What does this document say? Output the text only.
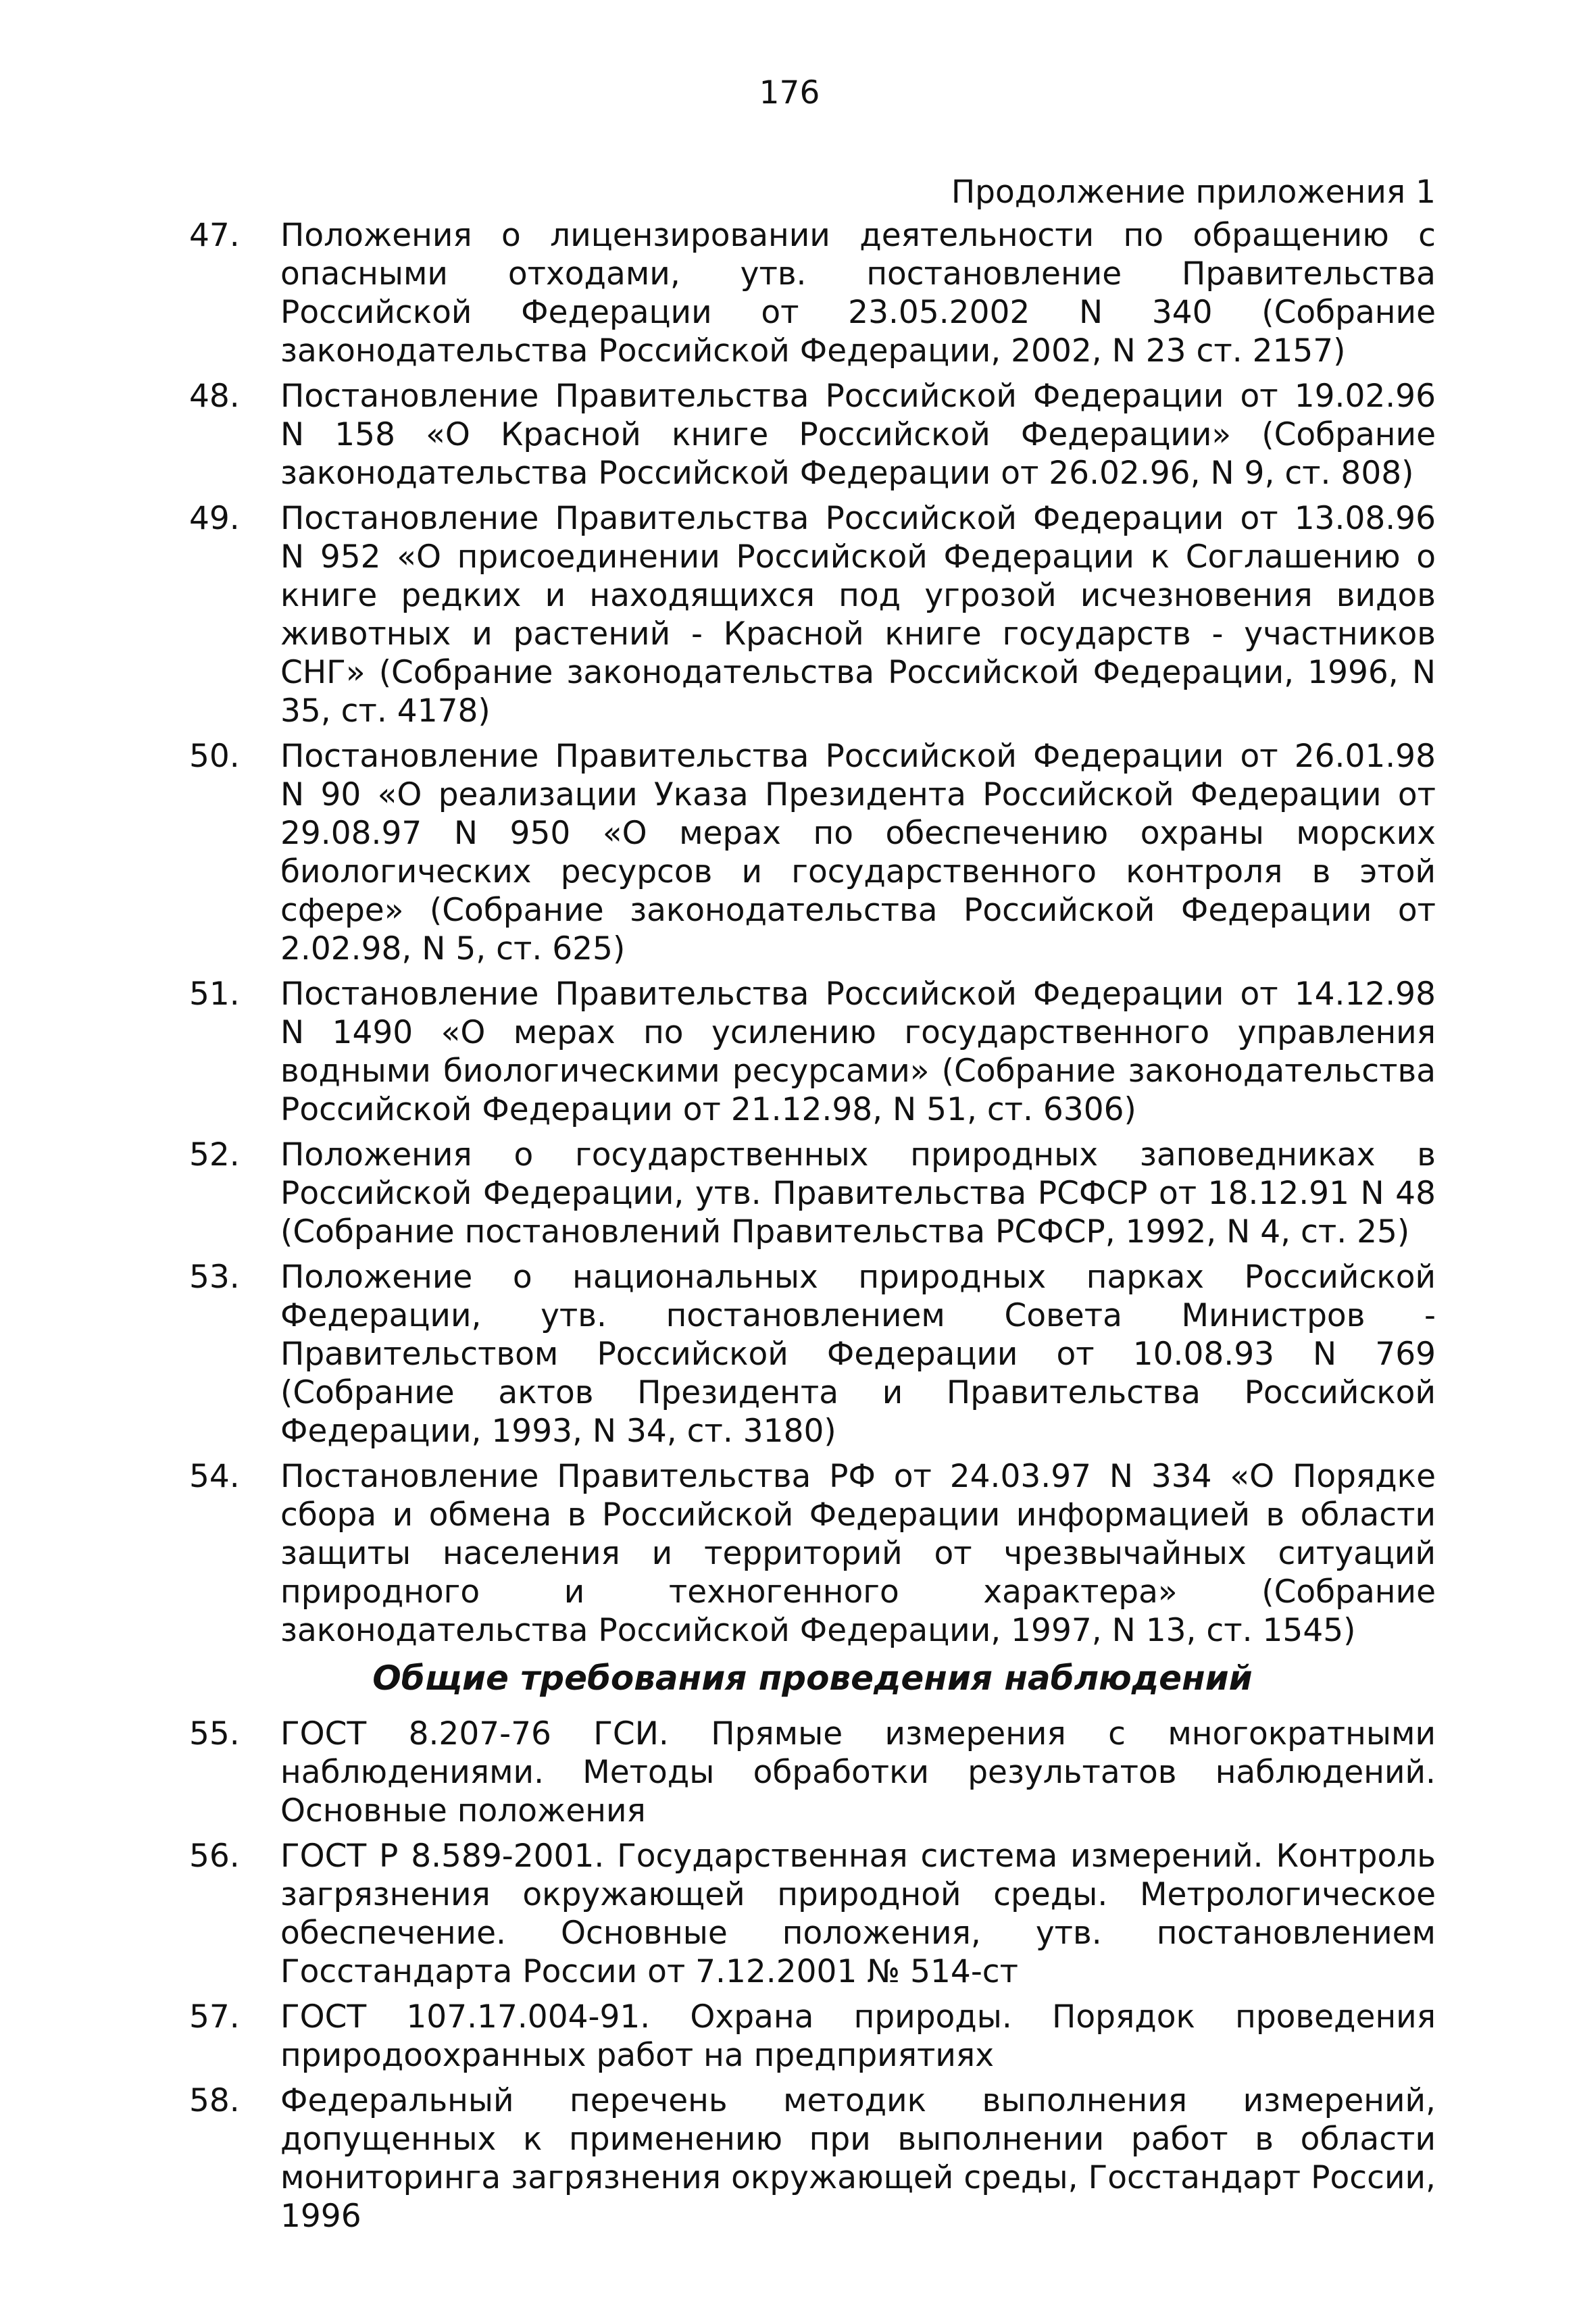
176
Продолжение приложения 1
47.	Положения о лицензировании деятельности по обращению с опасными отходами, утв. постановление Правительства Российской Федерации от 23.05.2002 N 340 (Собрание законодательства Российской Федерации, 2002, N 23 ст. 2157)
48.	Постановление Правительства Российской Федерации от 19.02.96 N 158 «О Красной книге Российской Федерации» (Собрание законодательства Российской Федерации от 26.02.96, N 9, ст. 808)
49.	Постановление Правительства Российской Федерации от 13.08.96 N 952 «О присоединении Российской Федерации к Соглашению о книге редких и находящихся под угрозой исчезновения видов животных и растений - Красной книге государств - участников СНГ» (Собрание законодательства Российской Федерации, 1996, N 35, ст. 4178)
50.	Постановление Правительства Российской Федерации от 26.01.98 N 90 «О реализации Указа Президента Российской Федерации от 29.08.97 N 950 «О мерах по обеспечению охраны морских биологических ресурсов и государственного контроля в этой сфере» (Собрание законодательства Российской Федерации от 2.02.98, N 5, ст. 625)
51.	Постановление Правительства Российской Федерации от 14.12.98 N 1490 «О мерах по усилению государственного управления водными биологическими ресурсами» (Собрание законодательства Российской Федерации от 21.12.98, N 51, ст. 6306)
52.	Положения о государственных природных заповедниках в Российской Федерации, утв. Правительства РСФСР от 18.12.91 N 48 (Собрание постановлений Правительства РСФСР, 1992, N 4, ст. 25)
53.	Положение о национальных природных парках Российской Федерации, утв. постановлением Совета Министров - Правительством Российской Федерации от 10.08.93 N 769 (Собрание актов Президента и Правительства Российской Федерации, 1993, N 34, ст. 3180)
54.	Постановление Правительства РФ от 24.03.97 N 334 «О Порядке сбора и обмена в Российской Федерации информацией в области защиты населения и территорий от чрезвычайных ситуаций природного и техногенного характера» (Собрание законодательства Российской Федерации, 1997, N 13, ст. 1545)
Общие требования проведения наблюдений
55.	ГОСТ 8.207-76 ГСИ. Прямые измерения с многократными наблюдениями. Методы обработки результатов наблюдений. Основные положения
56.	ГОСТ Р 8.589-2001. Государственная система измерений. Контроль загрязнения окружающей природной среды. Метрологическое обеспечение. Основные положения, утв. постановлением Госстандарта России от 7.12.2001 № 514-ст
57.	ГОСТ 107.17.004-91. Охрана природы. Порядок проведения природоохранных работ на предприятиях
58.	Федеральный перечень методик выполнения измерений, допущенных к применению при выполнении работ в области мониторинга загрязнения окружающей среды, Госстандарт России, 1996
